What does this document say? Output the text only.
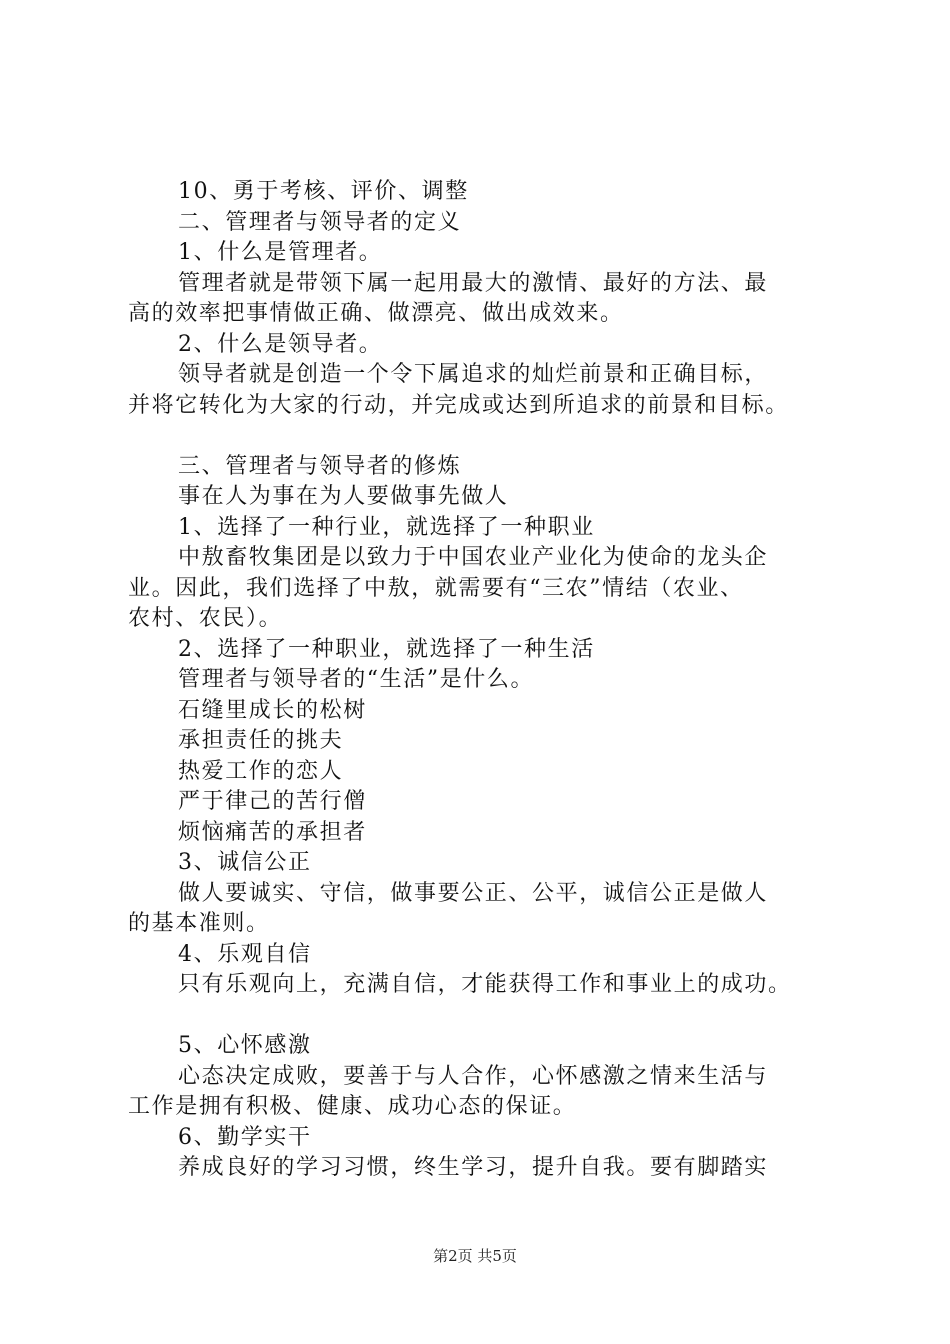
10、勇于考核、评价、调整
二、管理者与领导者的定义
1、什么是管理者。
管理者就是带领下属一起用最大的激情、最好的方法、最
高的效率把事情做正确、做漂亮、做出成效来。
2、什么是领导者。
领导者就是创造一个令下属追求的灿烂前景和正确目标，
并将它转化为大家的行动，并完成或达到所追求的前景和目标。
三、管理者与领导者的修炼
事在人为事在为人要做事先做人
1、选择了一种行业，就选择了一种职业
中敖畜牧集团是以致力于中国农业产业化为使命的龙头企
业。因此，我们选择了中敖，就需要有“三农”情结（农业、
农村、农民）。
2、选择了一种职业，就选择了一种生活
管理者与领导者的“生活”是什么。
石缝里成长的松树
承担责任的挑夫
热爱工作的恋人
严于律己的苦行僧
烦恼痛苦的承担者
3、诚信公正
做人要诚实、守信，做事要公正、公平，诚信公正是做人
的基本准则。
4、乐观自信
只有乐观向上，充满自信，才能获得工作和事业上的成功。
5、心怀感激
心态决定成败，要善于与人合作，心怀感激之情来生活与
工作是拥有积极、健康、成功心态的保证。
6、勤学实干
养成良好的学习习惯，终生学习，提升自我。要有脚踏实
第2页 共5页
